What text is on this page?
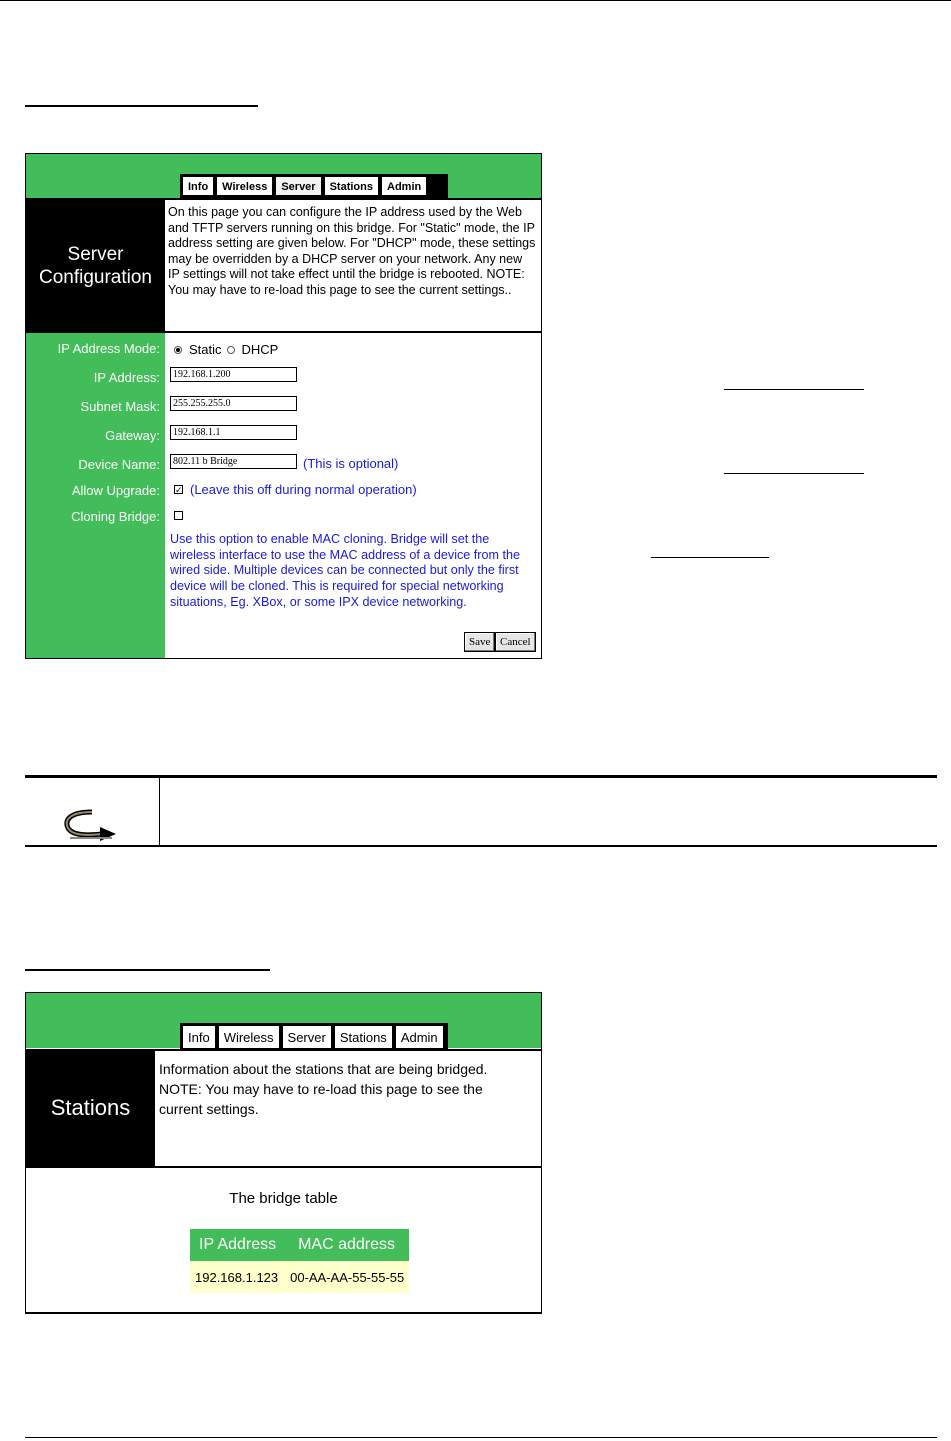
Info	Wireless	Server	Stations	Admin
Server
Configuration
On this page you can configure the IP address used by the Web and TFTP servers running on this bridge. For "Static" mode, the IP address setting are given below. For "DHCP" mode, these settings may be overridden by a DHCP server on your network. Any new IP settings will not take effect until the bridge is rebooted. NOTE: You may have to re-load this page to see the current settings..
IP Address Mode: Static DHCP
IP Address:	192.168.1.200
Subnet Mask:	255.255.255.0
Gateway:	192.168.1.1
Device Name:	802.11 b Bridge	(This is optional)
Allow Upgrade: ✓ (Leave this off during normal operation)
Cloning Bridge:
Use this option to enable MAC cloning. Bridge will set the wireless interface to use the MAC address of a device from the wired side. Multiple devices can be connected but only the first device will be cloned. This is required for special networking situations, Eg. XBox, or some IPX device networking.
Save Cancel
Info	Wireless	Server	Stations	Admin
Stations
Information about the stations that are being bridged.
NOTE: You may have to re-load this page to see the current settings.
The bridge table
IP Address	MAC address
192.168.1.123	00-AA-AA-55-55-55
